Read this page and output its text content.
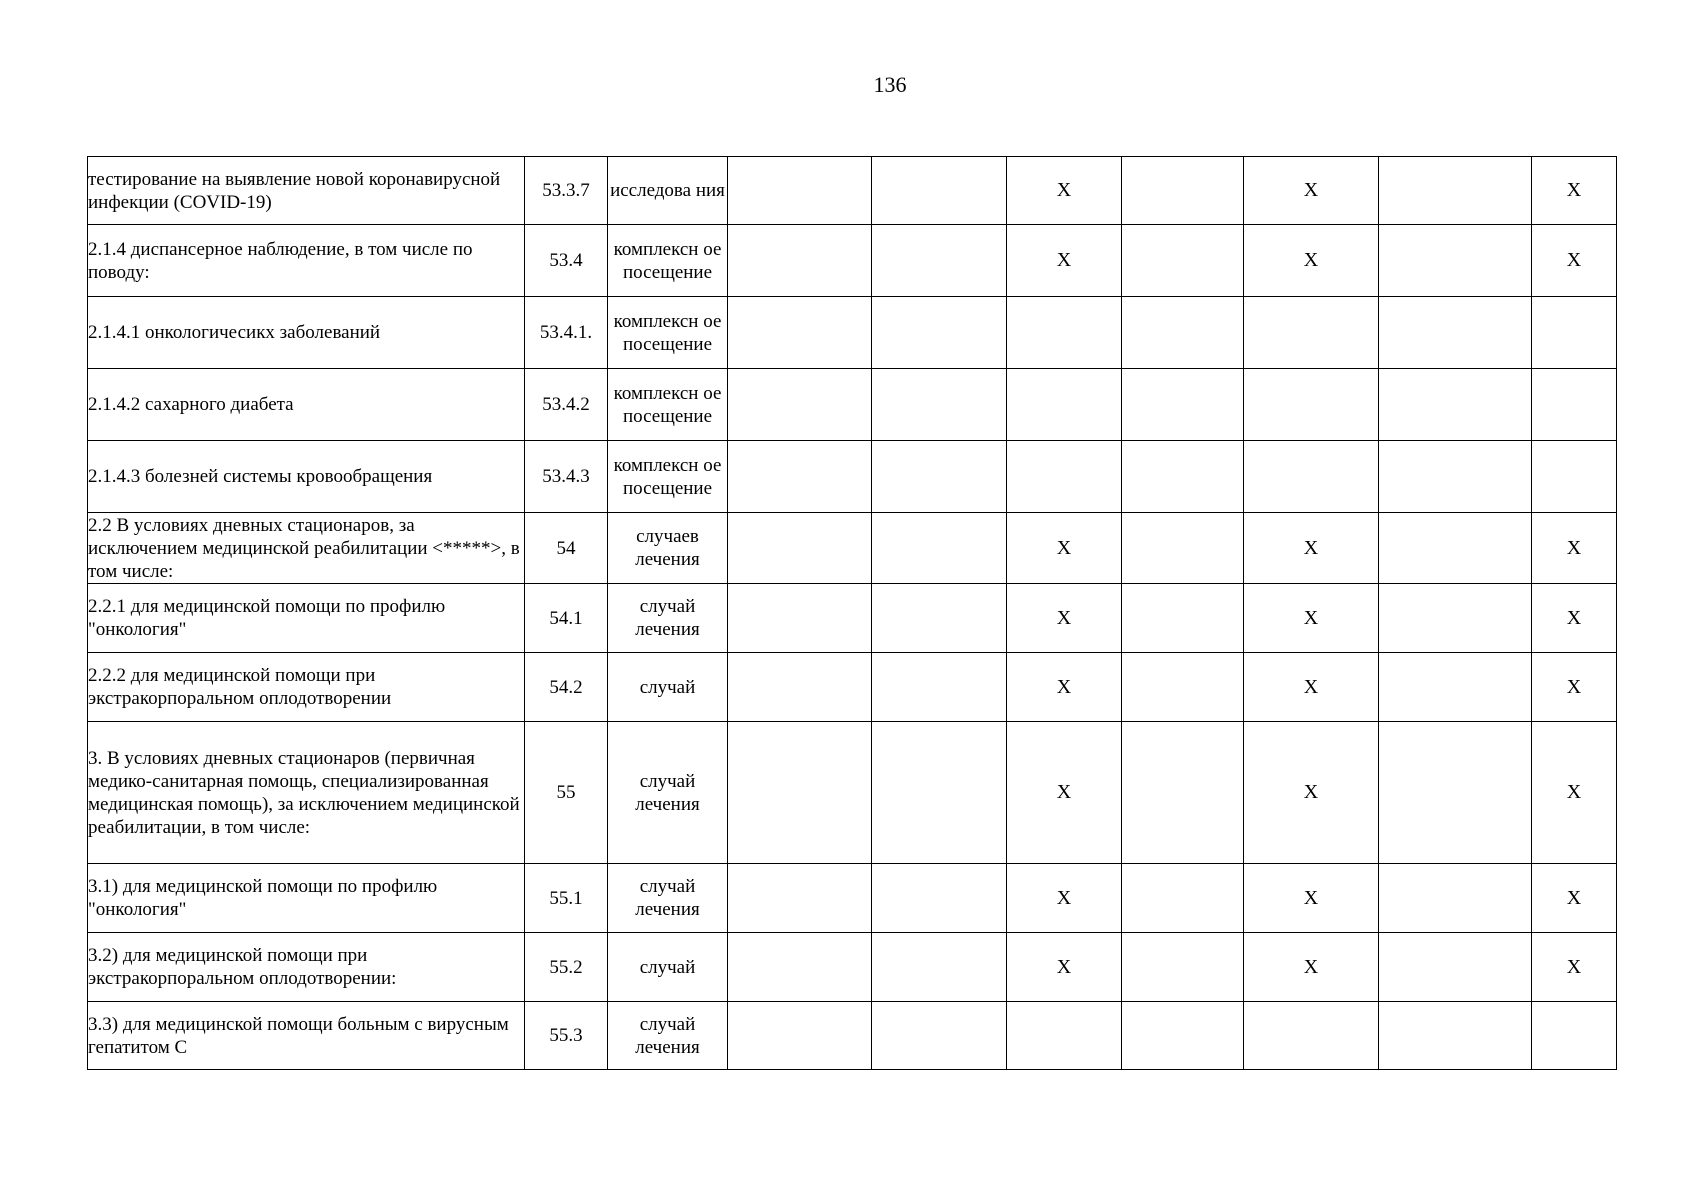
136
тестирование на выявление новой коронавирусной инфекции (COVID-19)	53.3.7	исследова ния			X		X		X
2.1.4 диспансерное наблюдение, в том числе по поводу:	53.4	комплексн ое посещение			X		X		X
2.1.4.1 онкологичесикх заболеваний	53.4.1.	комплексн ое посещение							
2.1.4.2 сахарного диабета	53.4.2	комплексн ое посещение							
2.1.4.3 болезней системы кровообращения	53.4.3	комплексн ое посещение							
2.2 В условиях дневных стационаров, за исключением медицинской реабилитации <*****>, в том числе:	54	случаев лечения			X		X		X
2.2.1 для медицинской помощи по профилю "онкология"	54.1	случай лечения			X		X		X
2.2.2 для медицинской помощи при экстракорпоральном оплодотворении	54.2	случай			X		X		X
3. В условиях дневных стационаров (первичная медико-санитарная помощь, специализированная медицинская помощь), за исключением медицинской реабилитации, в том числе:	55	случай лечения			X		X		X
3.1) для медицинской помощи по профилю "онкология"	55.1	случай лечения			X		X		X
3.2) для медицинской помощи при экстракорпоральном оплодотворении:	55.2	случай			X		X		X
3.3) для медицинской помощи больным с вирусным гепатитом С	55.3	случай лечения							
